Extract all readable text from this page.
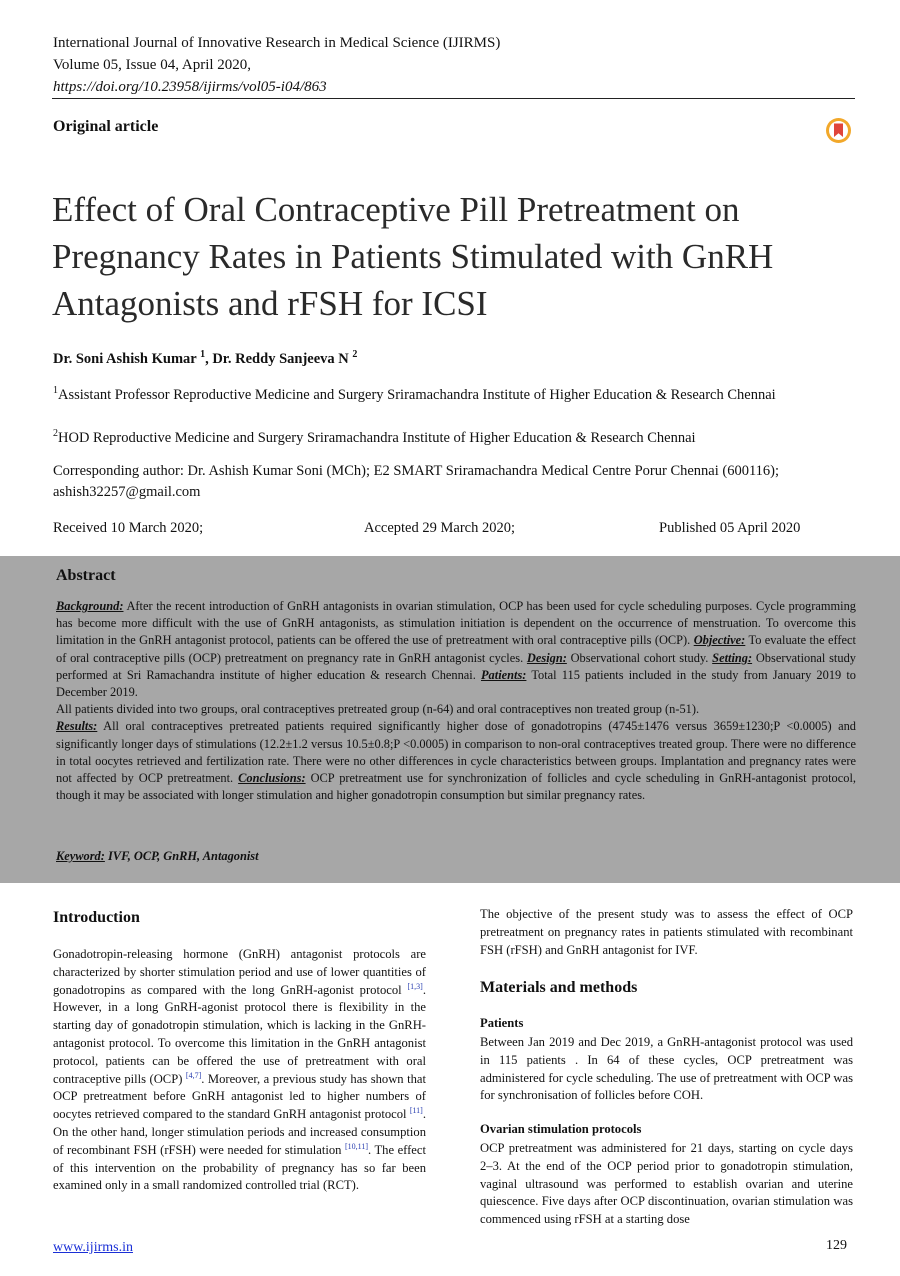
International Journal of Innovative Research in Medical Science (IJIRMS)
Volume 05, Issue 04, April 2020,
https://doi.org/10.23958/ijirms/vol05-i04/863
Original article
Effect of Oral Contraceptive Pill Pretreatment on Pregnancy Rates in Patients Stimulated with GnRH Antagonists and rFSH for ICSI
Dr. Soni Ashish Kumar $^1$, Dr. Reddy Sanjeeva N $^2$
$^1$Assistant Professor Reproductive Medicine and Surgery Sriramachandra Institute of Higher Education & Research Chennai
$^2$HOD Reproductive Medicine and Surgery Sriramachandra Institute of Higher Education & Research Chennai
Corresponding author: Dr. Ashish Kumar Soni (MCh); E2 SMART Sriramachandra Medical Centre Porur Chennai (600116); ashish32257@gmail.com
Received 10 March 2020;	Accepted 29 March 2020;	Published 05 April 2020
Abstract

Background: After the recent introduction of GnRH antagonists in ovarian stimulation, OCP has been used for cycle scheduling purposes. Cycle programming has become more difficult with the use of GnRH antagonists, as stimulation initiation is dependent on the occurrence of menstruation. To overcome this limitation in the GnRH antagonist protocol, patients can be offered the use of pretreatment with oral contraceptive pills (OCP). Objective: To evaluate the effect of oral contraceptive pills (OCP) pretreatment on pregnancy rate in GnRH antagonist cycles. Design: Observational cohort study. Setting: Observational study performed at Sri Ramachandra institute of higher education & research Chennai. Patients: Total 115 patients included in the study from January 2019 to December 2019.

All patients divided into two groups, oral contraceptives pretreated group (n-64) and oral contraceptives non treated group (n-51).

Results: All oral contraceptives pretreated patients required significantly higher dose of gonadotropins (4745±1476 versus 3659±1230;P <0.0005) and significantly longer days of stimulations (12.2±1.2 versus 10.5±0.8;P <0.0005) in comparison to non-oral contraceptives treated group. There were no difference in total oocytes retrieved and fertilization rate. There were no other differences in cycle characteristics between groups. Implantation and pregnancy rates were not affected by OCP pretreatment. Conclusions: OCP pretreatment use for synchronization of follicles and cycle scheduling in GnRH-antagonist protocol, though it may be associated with longer stimulation and higher gonadotropin consumption but similar pregnancy rates.

Keyword: IVF, OCP, GnRH, Antagonist
Introduction
Gonadotropin-releasing hormone (GnRH) antagonist protocols are characterized by shorter stimulation period and use of lower quantities of gonadotropins as compared with the long GnRH-agonist protocol [1,3]. However, in a long GnRH-agonist protocol there is flexibility in the starting day of gonadotropin stimulation, which is lacking in the GnRH-antagonist protocol. To overcome this limitation in the GnRH antagonist protocol, patients can be offered the use of pretreatment with oral contraceptive pills (OCP) [4,7]. Moreover, a previous study has shown that OCP pretreatment before GnRH antagonist led to higher numbers of oocytes retrieved compared to the standard GnRH antagonist protocol [11]. On the other hand, longer stimulation periods and increased consumption of recombinant FSH (rFSH) were needed for stimulation [10,11]. The effect of this intervention on the probability of pregnancy has so far been examined only in a small randomized controlled trial (RCT).
The objective of the present study was to assess the effect of OCP pretreatment on pregnancy rates in patients stimulated with recombinant FSH (rFSH) and GnRH antagonist for IVF.
Materials and methods
Patients
Between Jan 2019 and Dec 2019, a GnRH-antagonist protocol was used in 115 patients . In 64 of these cycles, OCP pretreatment was administered for cycle scheduling. The use of pretreatment with OCP was for synchronisation of follicles before COH.
Ovarian stimulation protocols
OCP pretreatment was administered for 21 days, starting on cycle days 2–3. At the end of the OCP period prior to gonadotropin stimulation, vaginal ultrasound was performed to establish ovarian and uterine quiescence. Five days after OCP discontinuation, ovarian stimulation was commenced using rFSH at a starting dose
www.ijirms.in	129
